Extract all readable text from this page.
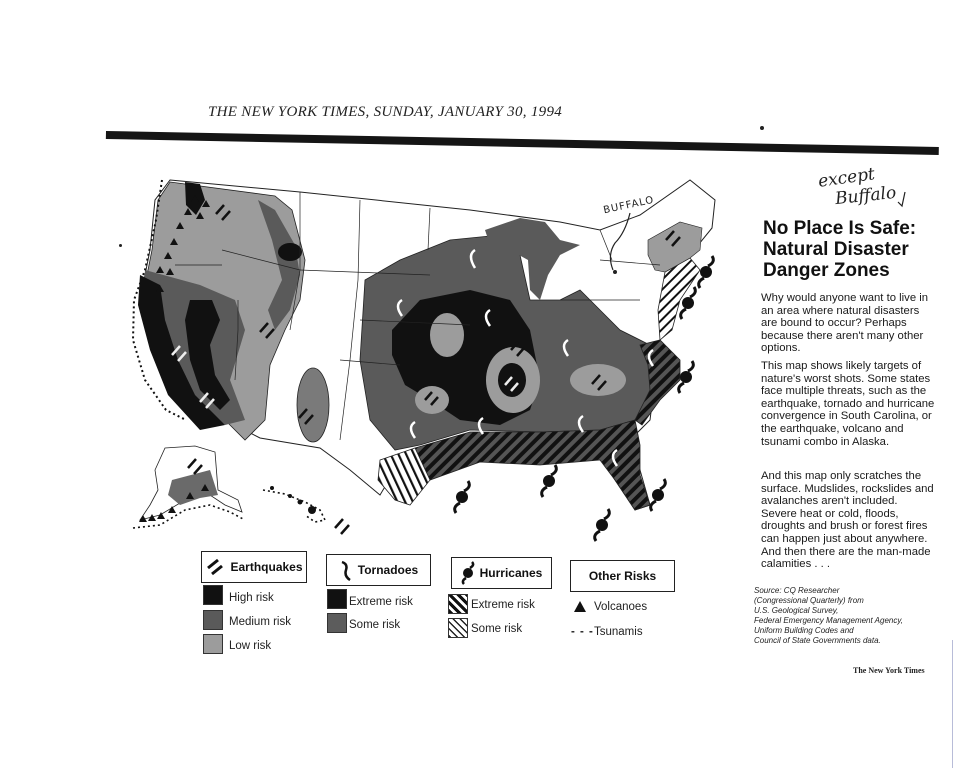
THE NEW YORK TIMES, SUNDAY, JANUARY 30, 1994
BUFFALO
except
Buffalo
No Place Is Safe: Natural Disaster Danger Zones
Why would anyone want to live in an area where natural disasters are bound to occur? Perhaps because there aren't many other options.
This map shows likely targets of nature's worst shots. Some states face multiple threats, such as the earthquake, tornado and hurricane convergence in South Carolina, or the earthquake, volcano and tsunami combo in Alaska.
And this map only scratches the surface. Mudslides, rockslides and avalanches aren't included. Severe heat or cold, floods, droughts and brush or forest fires can happen just about anywhere. And then there are the man-made calamities . . .
Source: CQ Researcher
(Congressional Quarterly) from
U.S. Geological Survey,
Federal Emergency Management Agency,
Uniform Building Codes and
Council of State Governments data.
The New York Times
Earthquakes
High risk
Medium risk
Low risk
Tornadoes
Extreme risk
Some risk
Hurricanes
Extreme risk
Some risk
Other Risks
Volcanoes
- - - Tsunamis
